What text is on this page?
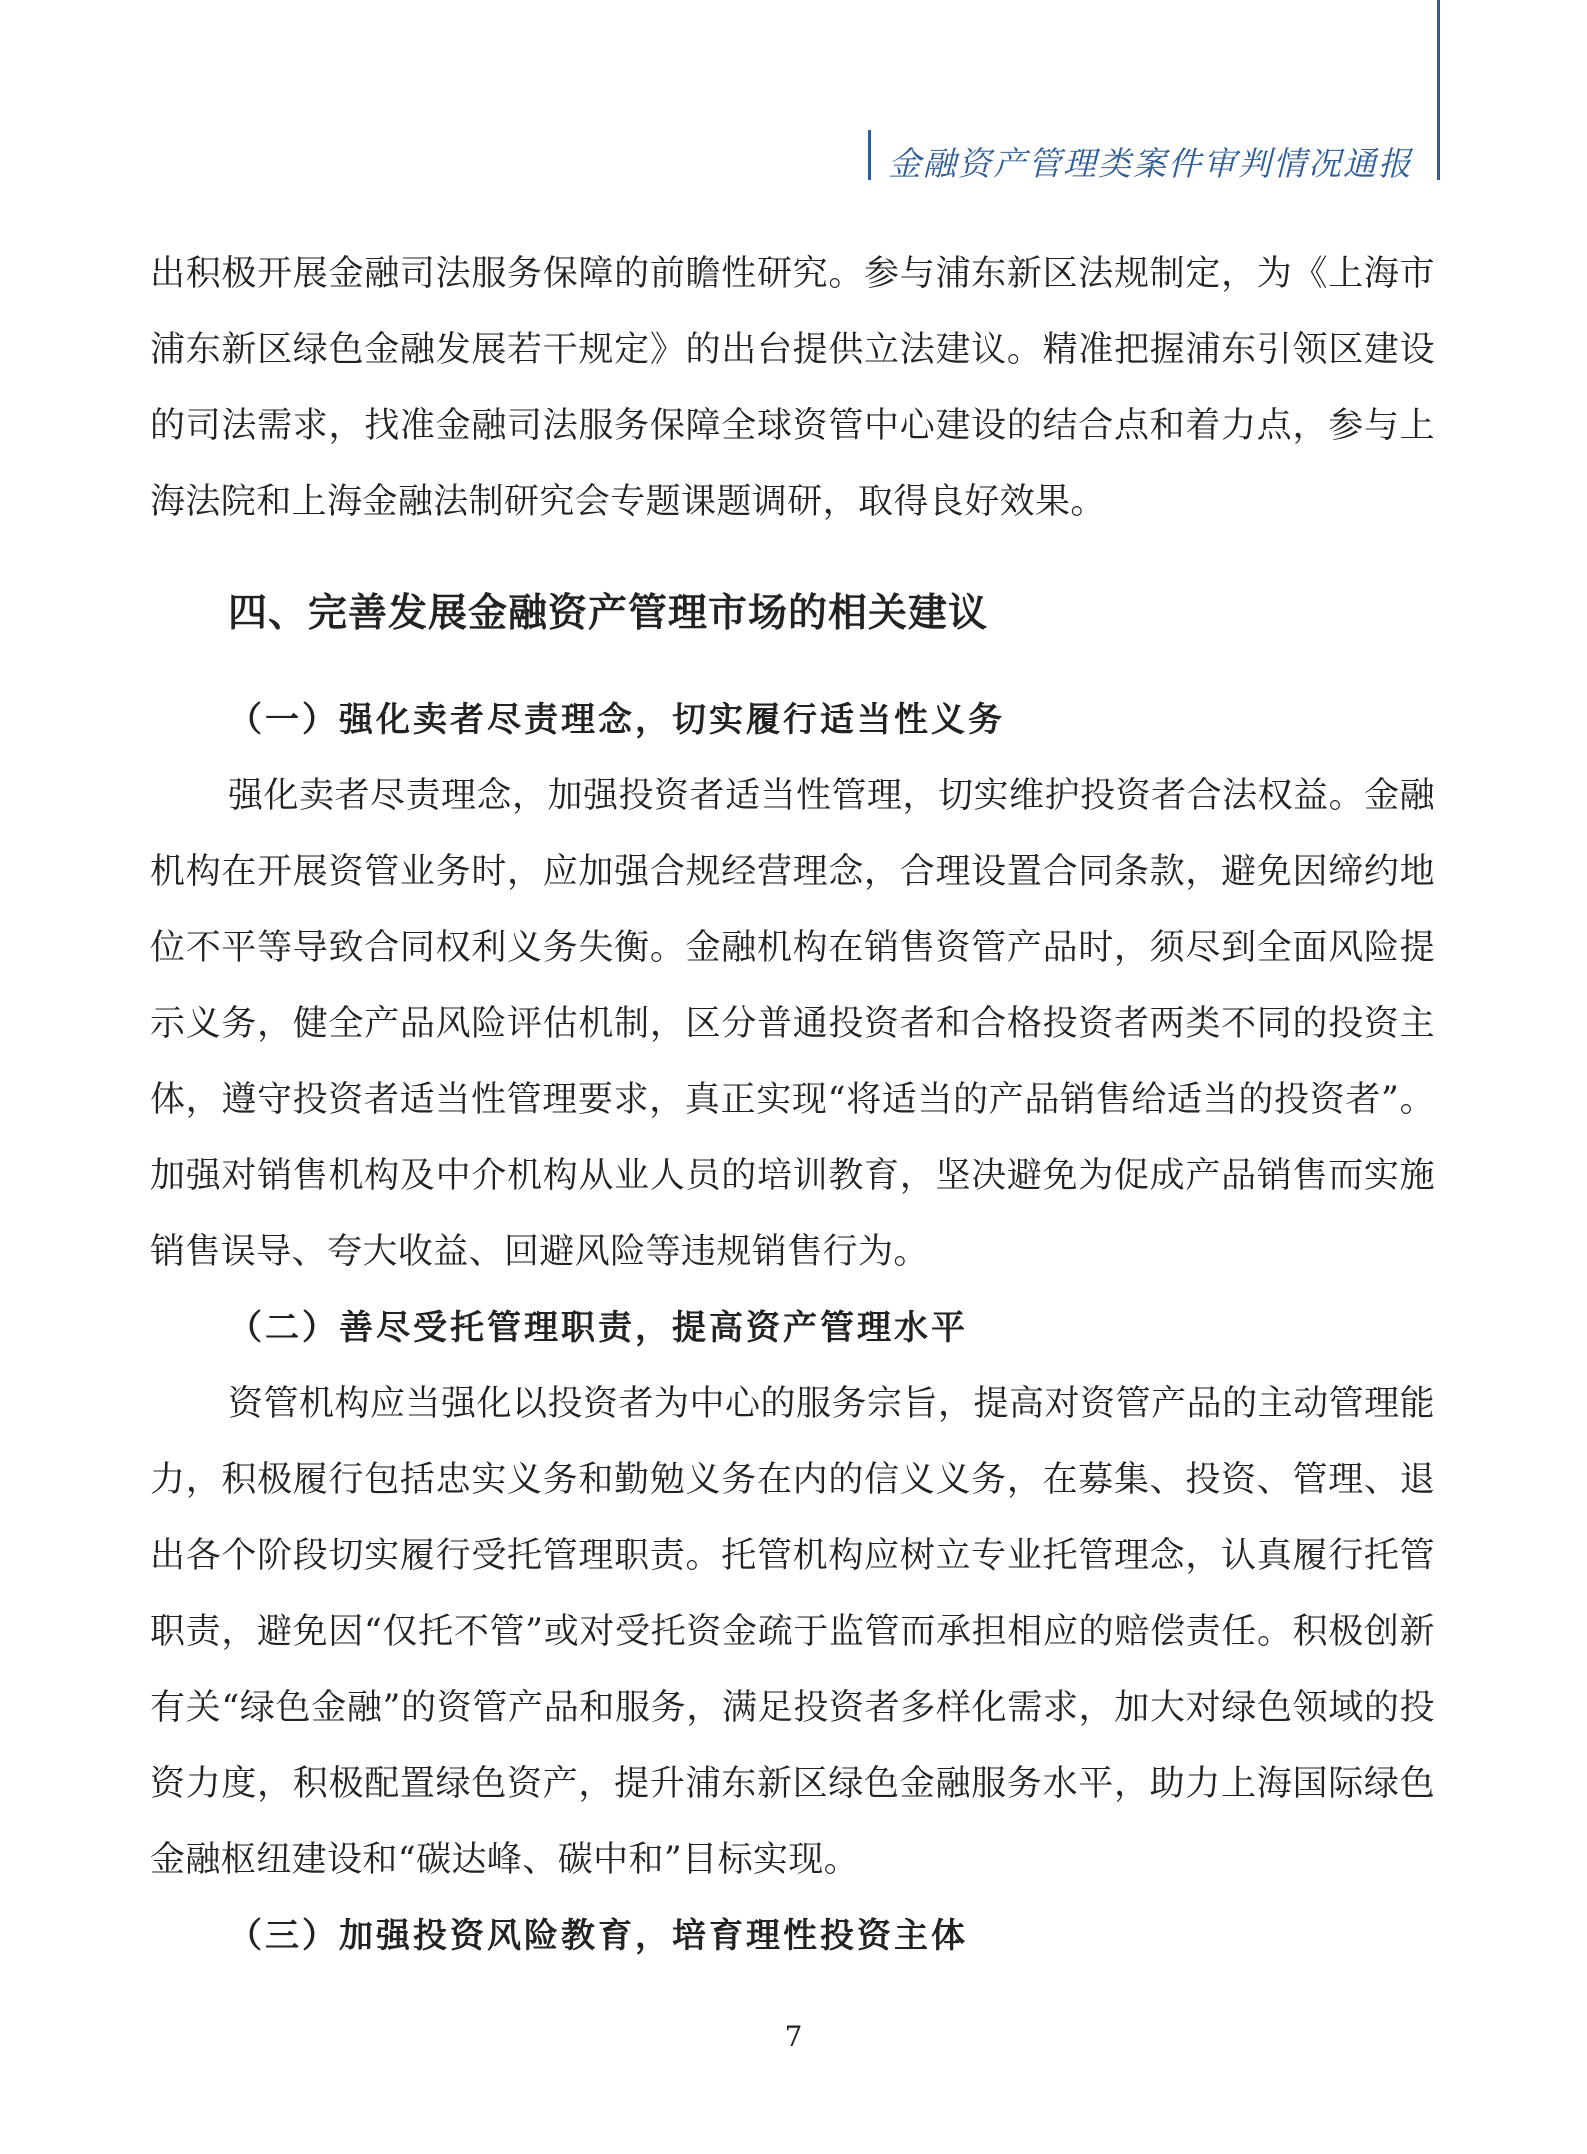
金融资产管理类案件审判情况通报

出积极开展金融司法服务保障的前瞻性研究。参与浦东新区法规制定，为《上海市浦东新区绿色金融发展若干规定》的出台提供立法建议。精准把握浦东引领区建设的司法需求，找准金融司法服务保障全球资管中心建设的结合点和着力点，参与上海法院和上海金融法制研究会专题课题调研，取得良好效果。

四、完善发展金融资产管理市场的相关建议
（一）强化卖者尽责理念，切实履行适当性义务

强化卖者尽责理念，加强投资者适当性管理，切实维护投资者合法权益。金融机构在开展资管业务时，应加强合规经营理念，合理设置合同条款，避免因缔约地位不平等导致合同权利义务失衡。金融机构在销售资管产品时，须尽到全面风险提示义务，健全产品风险评估机制，区分普通投资者和合格投资者两类不同的投资主体，遵守投资者适当性管理要求，真正实现“将适当的产品销售给适当的投资者”。加强对销售机构及中介机构从业人员的培训教育，坚决避免为促成产品销售而实施销售误导、夸大收益、回避风险等违规销售行为。

（二）善尽受托管理职责，提高资产管理水平

资管机构应当强化以投资者为中心的服务宗旨，提高对资管产品的主动管理能力，积极履行包括忠实义务和勤勉义务在内的信义义务，在募集、投资、管理、退出各个阶段切实履行受托管理职责。托管机构应树立专业托管理念，认真履行托管职责，避免因“仅托不管”或对受托资金疏于监管而承担相应的赔偿责任。积极创新有关“绿色金融”的资管产品和服务，满足投资者多样化需求，加大对绿色领域的投资力度，积极配置绿色资产，提升浦东新区绿色金融服务水平，助力上海国际绿色金融枢纽建设和“碳达峰、碳中和”目标实现。

（三）加强投资风险教育，培育理性投资主体
7
